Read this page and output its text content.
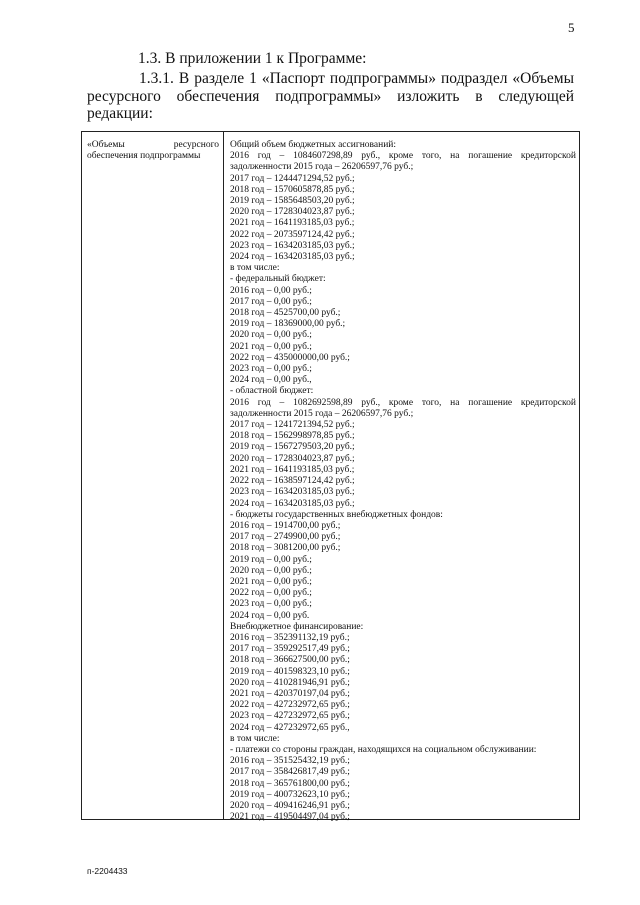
5
1.3. В приложении 1 к Программе:
1.3.1. В разделе 1 «Паспорт подпрограммы» подраздел «Объемы ресурсного обеспечения подпрограммы» изложить в следующей редакции:
«Объемы ресурсного
обеспечения подпрограммы
Общий объем бюджетных ассигнований:
2016 год – 1084607298,89 руб., кроме того, на погашение кредиторской задолженности 2015 года – 26206597,76 руб.;
2017 год – 1244471294,52 руб.;
2018 год – 1570605878,85 руб.;
2019 год – 1585648503,20 руб.;
2020 год – 1728304023,87 руб.;
2021 год – 1641193185,03 руб.;
2022 год – 2073597124,42 руб.;
2023 год – 1634203185,03 руб.;
2024 год – 1634203185,03 руб.;
в том числе:
- федеральный бюджет:
2016 год – 0,00 руб.;
2017 год – 0,00 руб.;
2018 год – 4525700,00 руб.;
2019 год – 18369000,00 руб.;
2020 год – 0,00 руб.;
2021 год – 0,00 руб.;
2022 год – 435000000,00 руб.;
2023 год – 0,00 руб.;
2024 год – 0,00 руб.,
- областной бюджет:
2016 год – 1082692598,89 руб., кроме того, на погашение кредиторской задолженности 2015 года – 26206597,76 руб.;
2017 год – 1241721394,52 руб.;
2018 год – 1562998978,85 руб.;
2019 год – 1567279503,20 руб.;
2020 год – 1728304023,87 руб.;
2021 год – 1641193185,03 руб.;
2022 год – 1638597124,42 руб.;
2023 год – 1634203185,03 руб.;
2024 год – 1634203185,03 руб.;
- бюджеты государственных внебюджетных фондов:
2016 год – 1914700,00 руб.;
2017 год – 2749900,00 руб.;
2018 год – 3081200,00 руб.;
2019 год – 0,00 руб.;
2020 год – 0,00 руб.;
2021 год – 0,00 руб.;
2022 год – 0,00 руб.;
2023 год – 0,00 руб.;
2024 год – 0,00 руб.
Внебюджетное финансирование:
2016 год – 352391132,19 руб.;
2017 год – 359292517,49 руб.;
2018 год – 366627500,00 руб.;
2019 год – 401598323,10 руб.;
2020 год – 410281946,91 руб.;
2021 год – 420370197,04 руб.;
2022 год – 427232972,65 руб.;
2023 год – 427232972,65 руб.;
2024 год – 427232972,65 руб.,
в том числе:
- платежи со стороны граждан, находящихся на социальном обслуживании:
2016 год – 351525432,19 руб.;
2017 год – 358426817,49 руб.;
2018 год – 365761800,00 руб.;
2019 год – 400732623,10 руб.;
2020 год – 409416246,91 руб.;
2021 год – 419504497,04 руб.;
п-2204433
